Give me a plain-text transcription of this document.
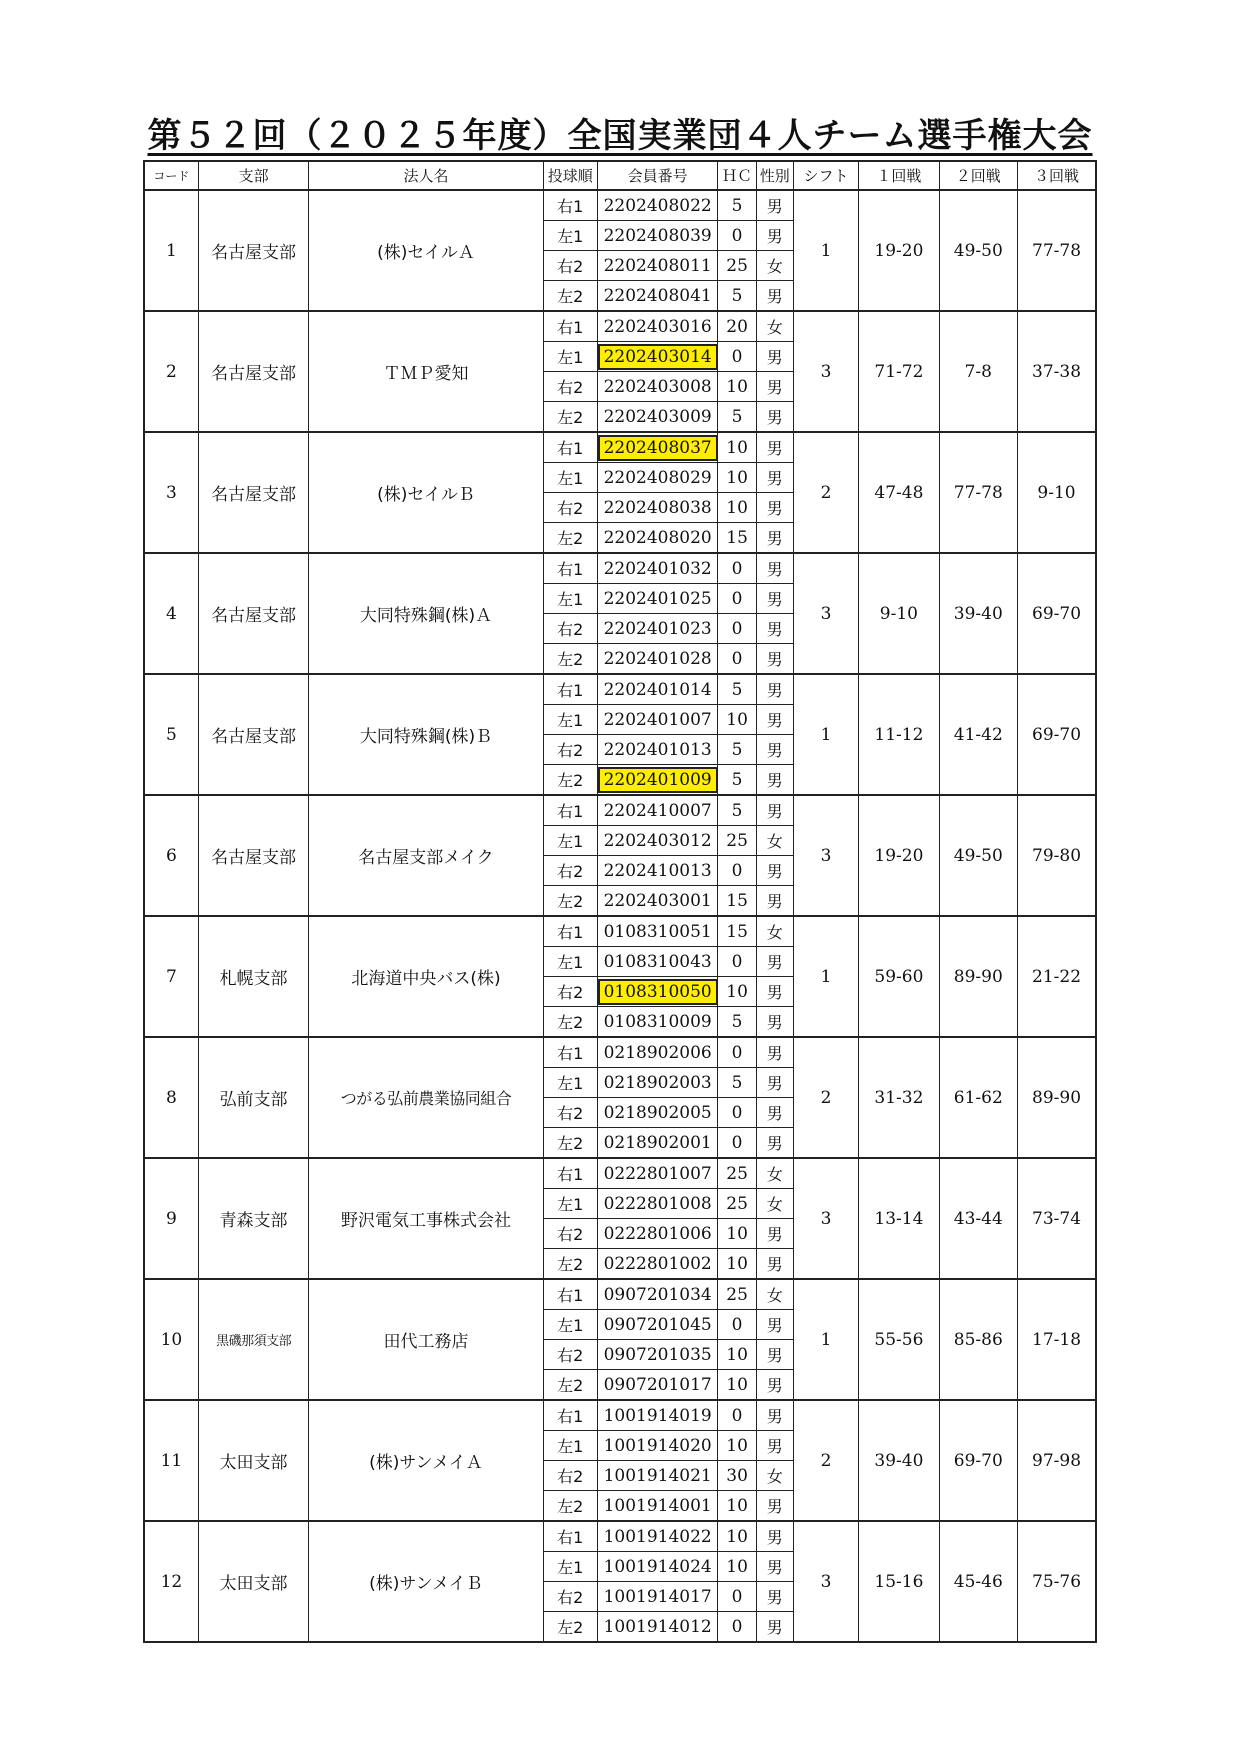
第５２回（２０２５年度）全国実業団４人チーム選手権大会
コード	支部	法人名	投球順	会員番号	ＨＣ	性別	シフト	１回戦	２回戦	３回戦
1	名古屋支部	(株)セイルＡ	右1	2202408022	5	男	1	19-20	49-50	77-78
			左1	2202408039	0	男				
			右2	2202408011	25	女				
			左2	2202408041	5	男				
2	名古屋支部	ＴＭＰ愛知	右1	2202403016	20	女	3	71-72	7-8	37-38
			左1	2202403014	0	男				
			右2	2202403008	10	男				
			左2	2202403009	5	男				
3	名古屋支部	(株)セイルＢ	右1	2202408037	10	男	2	47-48	77-78	9-10
			左1	2202408029	10	男				
			右2	2202408038	10	男				
			左2	2202408020	15	男				
4	名古屋支部	大同特殊鋼(株)Ａ	右1	2202401032	0	男	3	9-10	39-40	69-70
			左1	2202401025	0	男				
			右2	2202401023	0	男				
			左2	2202401028	0	男				
5	名古屋支部	大同特殊鋼(株)Ｂ	右1	2202401014	5	男	1	11-12	41-42	69-70
			左1	2202401007	10	男				
			右2	2202401013	5	男				
			左2	2202401009	5	男				
6	名古屋支部	名古屋支部メイク	右1	2202410007	5	男	3	19-20	49-50	79-80
			左1	2202403012	25	女				
			右2	2202410013	0	男				
			左2	2202403001	15	男				
7	札幌支部	北海道中央バス(株)	右1	0108310051	15	女	1	59-60	89-90	21-22
			左1	0108310043	0	男				
			右2	0108310050	10	男				
			左2	0108310009	5	男				
8	弘前支部	つがる弘前農業協同組合	右1	0218902006	0	男	2	31-32	61-62	89-90
			左1	0218902003	5	男				
			右2	0218902005	0	男				
			左2	0218902001	0	男				
9	青森支部	野沢電気工事株式会社	右1	0222801007	25	女	3	13-14	43-44	73-74
			左1	0222801008	25	女				
			右2	0222801006	10	男				
			左2	0222801002	10	男				
10	黒磯那須支部	田代工務店	右1	0907201034	25	女	1	55-56	85-86	17-18
			左1	0907201045	0	男				
			右2	0907201035	10	男				
			左2	0907201017	10	男				
11	太田支部	(株)サンメイＡ	右1	1001914019	0	男	2	39-40	69-70	97-98
			左1	1001914020	10	男				
			右2	1001914021	30	女				
			左2	1001914001	10	男				
12	太田支部	(株)サンメイＢ	右1	1001914022	10	男	3	15-16	45-46	75-76
			左1	1001914024	10	男				
			右2	1001914017	0	男				
			左2	1001914012	0	男				
